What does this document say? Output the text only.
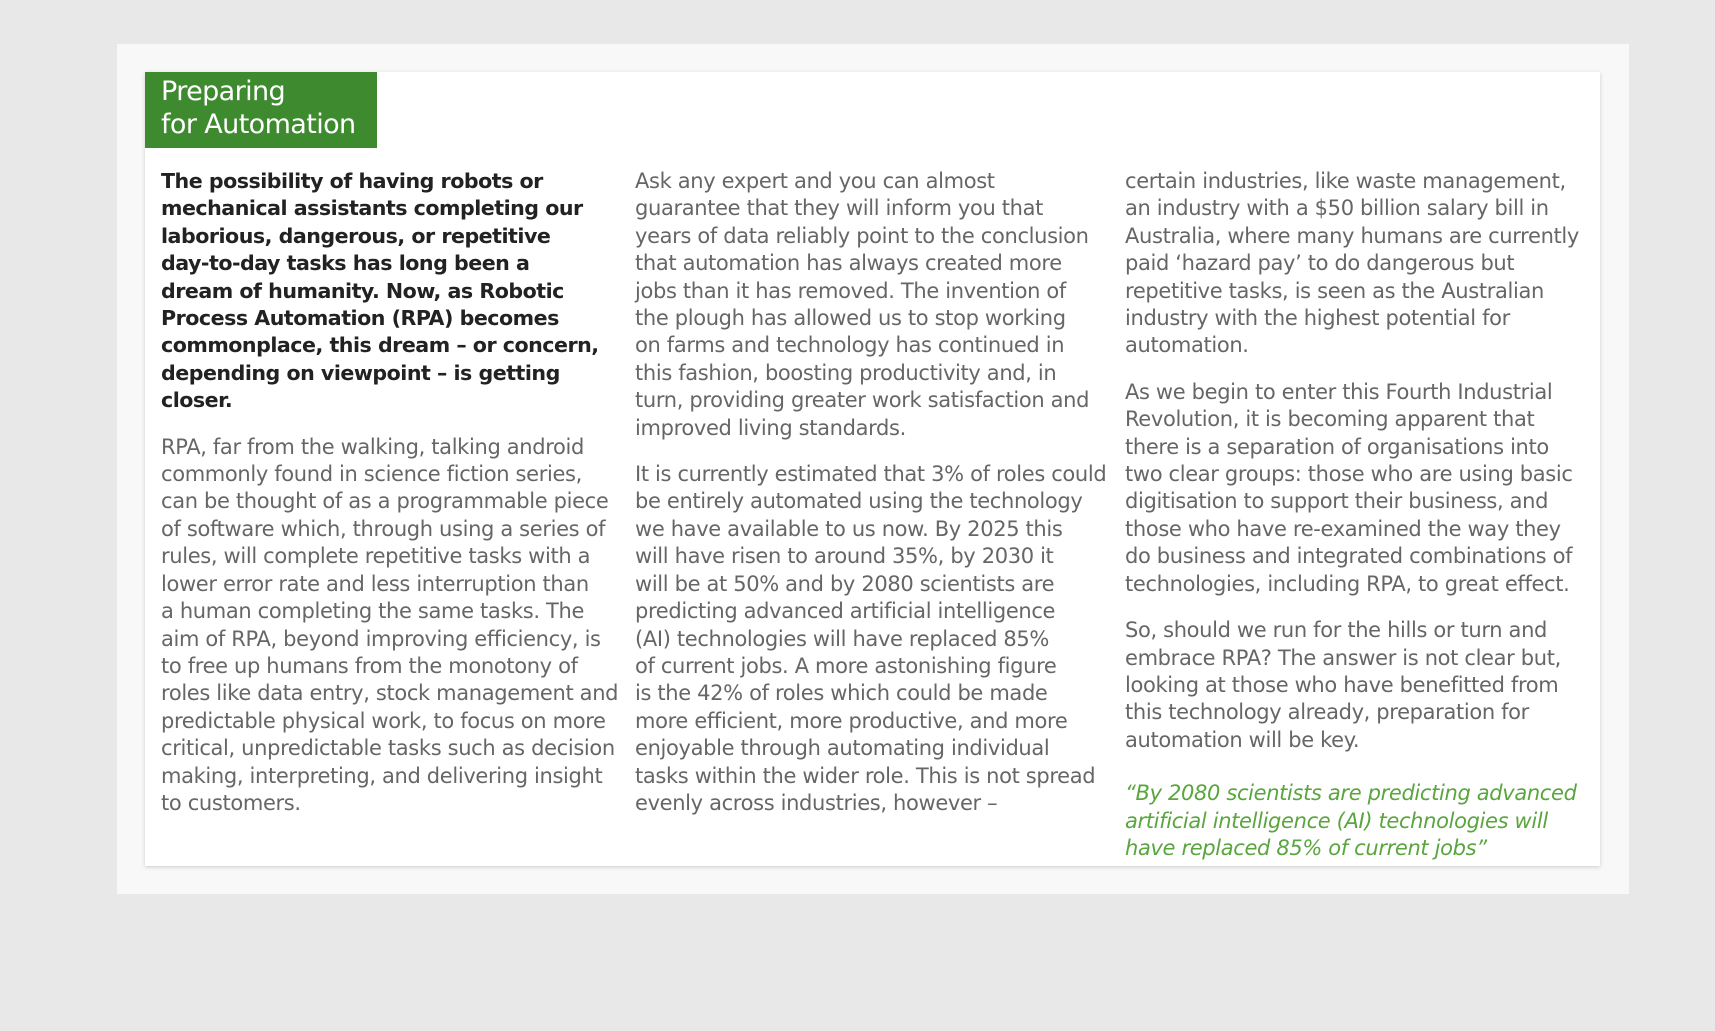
Preparing
for Automation

The possibility of having robots or
mechanical assistants completing our
laborious, dangerous, or repetitive
day-to-day tasks has long been a
dream of humanity. Now, as Robotic
Process Automation (RPA) becomes
commonplace, this dream – or concern,
depending on viewpoint – is getting
closer.

RPA, far from the walking, talking android
commonly found in science fiction series,
can be thought of as a programmable piece
of software which, through using a series of
rules, will complete repetitive tasks with a
lower error rate and less interruption than
a human completing the same tasks. The
aim of RPA, beyond improving efficiency, is
to free up humans from the monotony of
roles like data entry, stock management and
predictable physical work, to focus on more
critical, unpredictable tasks such as decision
making, interpreting, and delivering insight
to customers.

Ask any expert and you can almost
guarantee that they will inform you that
years of data reliably point to the conclusion
that automation has always created more
jobs than it has removed. The invention of
the plough has allowed us to stop working
on farms and technology has continued in
this fashion, boosting productivity and, in
turn, providing greater work satisfaction and
improved living standards.

It is currently estimated that 3% of roles could
be entirely automated using the technology
we have available to us now. By 2025 this
will have risen to around 35%, by 2030 it
will be at 50% and by 2080 scientists are
predicting advanced artificial intelligence
(AI) technologies will have replaced 85%
of current jobs. A more astonishing figure
is the 42% of roles which could be made
more efficient, more productive, and more
enjoyable through automating individual
tasks within the wider role. This is not spread
evenly across industries, however –

certain industries, like waste management,
an industry with a $50 billion salary bill in
Australia, where many humans are currently
paid ‘hazard pay’ to do dangerous but
repetitive tasks, is seen as the Australian
industry with the highest potential for
automation.

As we begin to enter this Fourth Industrial
Revolution, it is becoming apparent that
there is a separation of organisations into
two clear groups: those who are using basic
digitisation to support their business, and
those who have re-examined the way they
do business and integrated combinations of
technologies, including RPA, to great effect.

So, should we run for the hills or turn and
embrace RPA? The answer is not clear but,
looking at those who have benefitted from
this technology already, preparation for
automation will be key.

“By 2080 scientists are predicting advanced
artificial intelligence (AI) technologies will
have replaced 85% of current jobs”
